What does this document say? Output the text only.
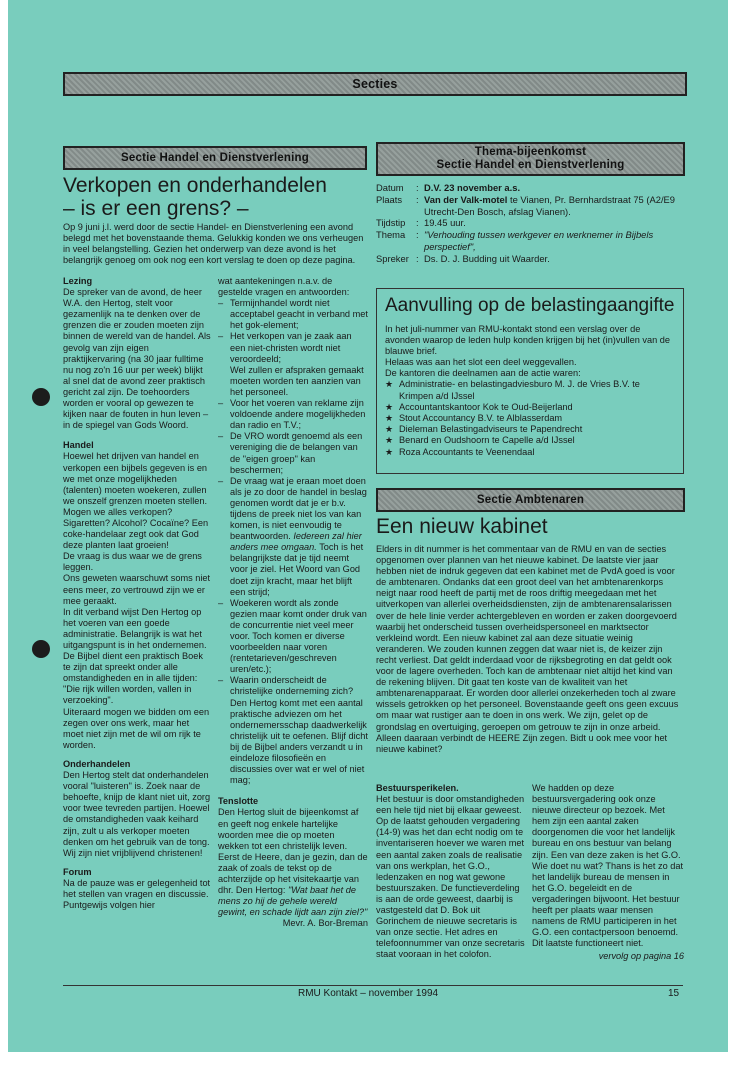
Secties
Sectie Handel en Dienstverlening
Verkopen en onderhandelen
– is er een grens? –

Op 9 juni j.l. werd door de sectie Handel- en Dienstverlening een avond belegd met het bovenstaande thema. Gelukkig konden we ons verheugen in veel belangstelling. Gezien het onderwerp van deze avond is het belangrijk genoeg om ook nog een kort verslag te doen op deze pagina.

Lezing

De spreker van de avond, de heer W.A. den Hertog, stelt voor gezamenlijk na te denken over de grenzen die er zouden moeten zijn binnen de wereld van de handel. Als gevolg van zijn eigen praktijkervaring (na 30 jaar fulltime nu nog zo'n 16 uur per week) blijkt al snel dat de avond zeer praktisch gericht zal zijn. De toehoorders worden er vooral op gewezen te kijken naar de fouten in hun leven – in de spiegel van Gods Woord.

Handel

Hoewel het drijven van handel en verkopen een bijbels gegeven is en we met onze mogelijkheden (talenten) moeten woekeren, zullen we onszelf grenzen moeten stellen.
Mogen we alles verkopen? Sigaretten? Alcohol? Cocaïne? Een coke-handelaar zegt ook dat God deze planten laat groeien!
De vraag is dus waar we de grens leggen.
Ons geweten waarschuwt soms niet eens meer, zo vertrouwd zijn we er mee geraakt.
In dit verband wijst Den Hertog op het voeren van een goede administratie. Belangrijk is wat het uitgangspunt is in het ondernemen. De Bijbel dient een praktisch Boek te zijn dat spreekt onder alle omstandigheden en in alle tijden: "Die rijk willen worden, vallen in verzoeking".
Uiteraard mogen we bidden om een zegen over ons werk, maar het moet niet zijn met de wil om rijk te worden.

Onderhandelen

Den Hertog stelt dat onderhandelen vooral "luisteren" is. Zoek naar de behoefte, knijp de klant niet uit, zorg voor twee tevreden partijen. Hoewel de omstandigheden vaak keihard zijn, zult u als verkoper moeten denken om het gebruik van de tong. Wij zijn niet vrijblijvend christenen!

Forum

Na de pauze was er gelegenheid tot het stellen van vragen en discussie. Puntgewijs volgen hier

wat aantekeningen n.a.v. de gestelde vragen en antwoorden:

– Termijnhandel wordt niet acceptabel geacht in verband met het gok-element;
– Het verkopen van je zaak aan een niet-christen wordt niet veroordeeld;
Wel zullen er afspraken gemaakt moeten worden ten aanzien van het personeel.
– Voor het voeren van reklame zijn voldoende andere mogelijkheden dan radio en T.V.;
– De VRO wordt genoemd als een vereniging die de belangen van de "eigen groep" kan beschermen;
– De vraag wat je eraan moet doen als je zo door de handel in beslag genomen wordt dat je er b.v. tijdens de preek niet los van kan komen, is niet eenvoudig te beantwoorden. Iedereen zal hier anders mee omgaan. Toch is het belangrijkste dat je tijd neemt voor je ziel. Het Woord van God doet zijn kracht, maar het blijft een strijd;
– Woekeren wordt als zonde gezien maar komt onder druk van de concurrentie niet veel meer voor. Toch komen er diverse voorbeelden naar voren (rentetarieven/geschreven uren/etc.);
– Waarin onderscheidt de christelijke onderneming zich?
Den Hertog komt met een aantal praktische adviezen om het ondernemersschap daadwerkelijk christelijk uit te oefenen. Blijf dicht bij de Bijbel anders verzandt u in eindeloze filosofieën en discussies over wat er wel of niet mag;

Tenslotte

Den Hertog sluit de bijeenkomst af en geeft nog enkele hartelijke woorden mee die op moeten wekken tot een christelijk leven. Eerst de Heere, dan je gezin, dan de zaak of zoals de tekst op de achterzijde op het visitekaartje van dhr. Den Hertog: "Wat baat het de mens zo hij de gehele wereld gewint, en schade lijdt aan zijn ziel?"
Mevr. A. Bor-Breman

Thema-bijeenkomst
Sectie Handel en Dienstverlening
Datum	: D.V. 23 november a.s.
Plaats	: Van der Valk-motel te Vianen, Pr. Bernhardstraat 75 (A2/E9 Utrecht-Den Bosch, afslag Vianen).
Tijdstip	: 19.45 uur.
Thema	: "Verhouding tussen werkgever en werknemer in Bijbels perspectief",
Spreker : Ds. D. J. Budding uit Waarder.
Aanvulling op de belastingaangifte

In het juli-nummer van RMU-kontakt stond een verslag over de avonden waarop de leden hulp konden krijgen bij het (in)vullen van de blauwe brief.
Helaas was aan het slot een deel weggevallen.
De kantoren die deelnamen aan de actie waren:

★ Administratie- en belastingadviesburo M. J. de Vries B.V. te Krimpen a/d IJssel
★ Accountantskantoor Kok te Oud-Beijerland
★ Stout Accountancy B.V. te Alblasserdam
★ Dieleman Belastingadviseurs te Papendrecht
★ Benard en Oudshoorn te Capelle a/d IJssel
★ Roza Accountants te Veenendaal
Sectie Ambtenaren
Een nieuw kabinet

Elders in dit nummer is het commentaar van de RMU en van de secties opgenomen over plannen van het nieuwe kabinet. De laatste vier jaar hebben niet de indruk gegeven dat een kabinet met de PvdA goed is voor de ambtenaren. Ondanks dat een groot deel van het ambtenarenkorps neigt naar rood heeft de partij met de roos driftig meegedaan met het uitverkopen van allerlei overheidsdiensten, zijn de ambtenarensalarissen over de hele linie verder achtergebleven en worden er zaken doorgevoerd waarbij het onderscheid tussen overheidspersoneel en marktsector verkleind wordt. Een nieuw kabinet zal aan deze situatie weinig veranderen. We zouden kunnen zeggen dat waar niet is, de keizer zijn recht verliest. Dat geldt inderdaad voor de rijksbegroting en dat geldt ook voor de lagere overheden. Toch kan de ambtenaar niet altijd het kind van de rekening blijven. Dit gaat ten koste van de kwaliteit van het ambtenarenapparaat. Er worden door allerlei onzekerheden toch al zware wissels getrokken op het personeel. Bovenstaande geeft ons geen excuus om maar wat rustiger aan te doen in ons werk. We zijn, gelet op de grondslag en overtuiging, geroepen om getrouw te zijn in onze arbeid. Alleen daaraan verbindt de HEERE Zijn zegen. Bidt u ook mee voor het nieuwe kabinet?

Bestuursperikelen.

Het bestuur is door omstandigheden een hele tijd niet bij elkaar geweest. Op de laatst gehouden vergadering (14-9) was het dan echt nodig om te inventariseren hoever we waren met een aantal zaken zoals de realisatie van ons werkplan, het G.O., ledenzaken en nog wat gewone bestuurszaken. De functieverdeling is aan de orde geweest, daarbij is vastgesteld dat D. Bok uit Gorinchem de nieuwe secretaris is van onze sectie. Het adres en telefoonnummer van onze secretaris staat vooraan in het colofon.

We hadden op deze bestuursvergadering ook onze nieuwe directeur op bezoek. Met hem zijn een aantal zaken doorgenomen die voor het landelijk bureau en ons bestuur van belang zijn. Een van deze zaken is het G.O. Wie doet nu wat? Thans is het zo dat het landelijk bureau de mensen in het G.O. begeleidt en de vergaderingen bijwoont. Het bestuur heeft per plaats waar mensen namens de RMU participeren in het G.O. een contactpersoon benoemd. Dit laatste functioneert niet.

vervolg op pagina 16

RMU Kontakt – november 1994	15
